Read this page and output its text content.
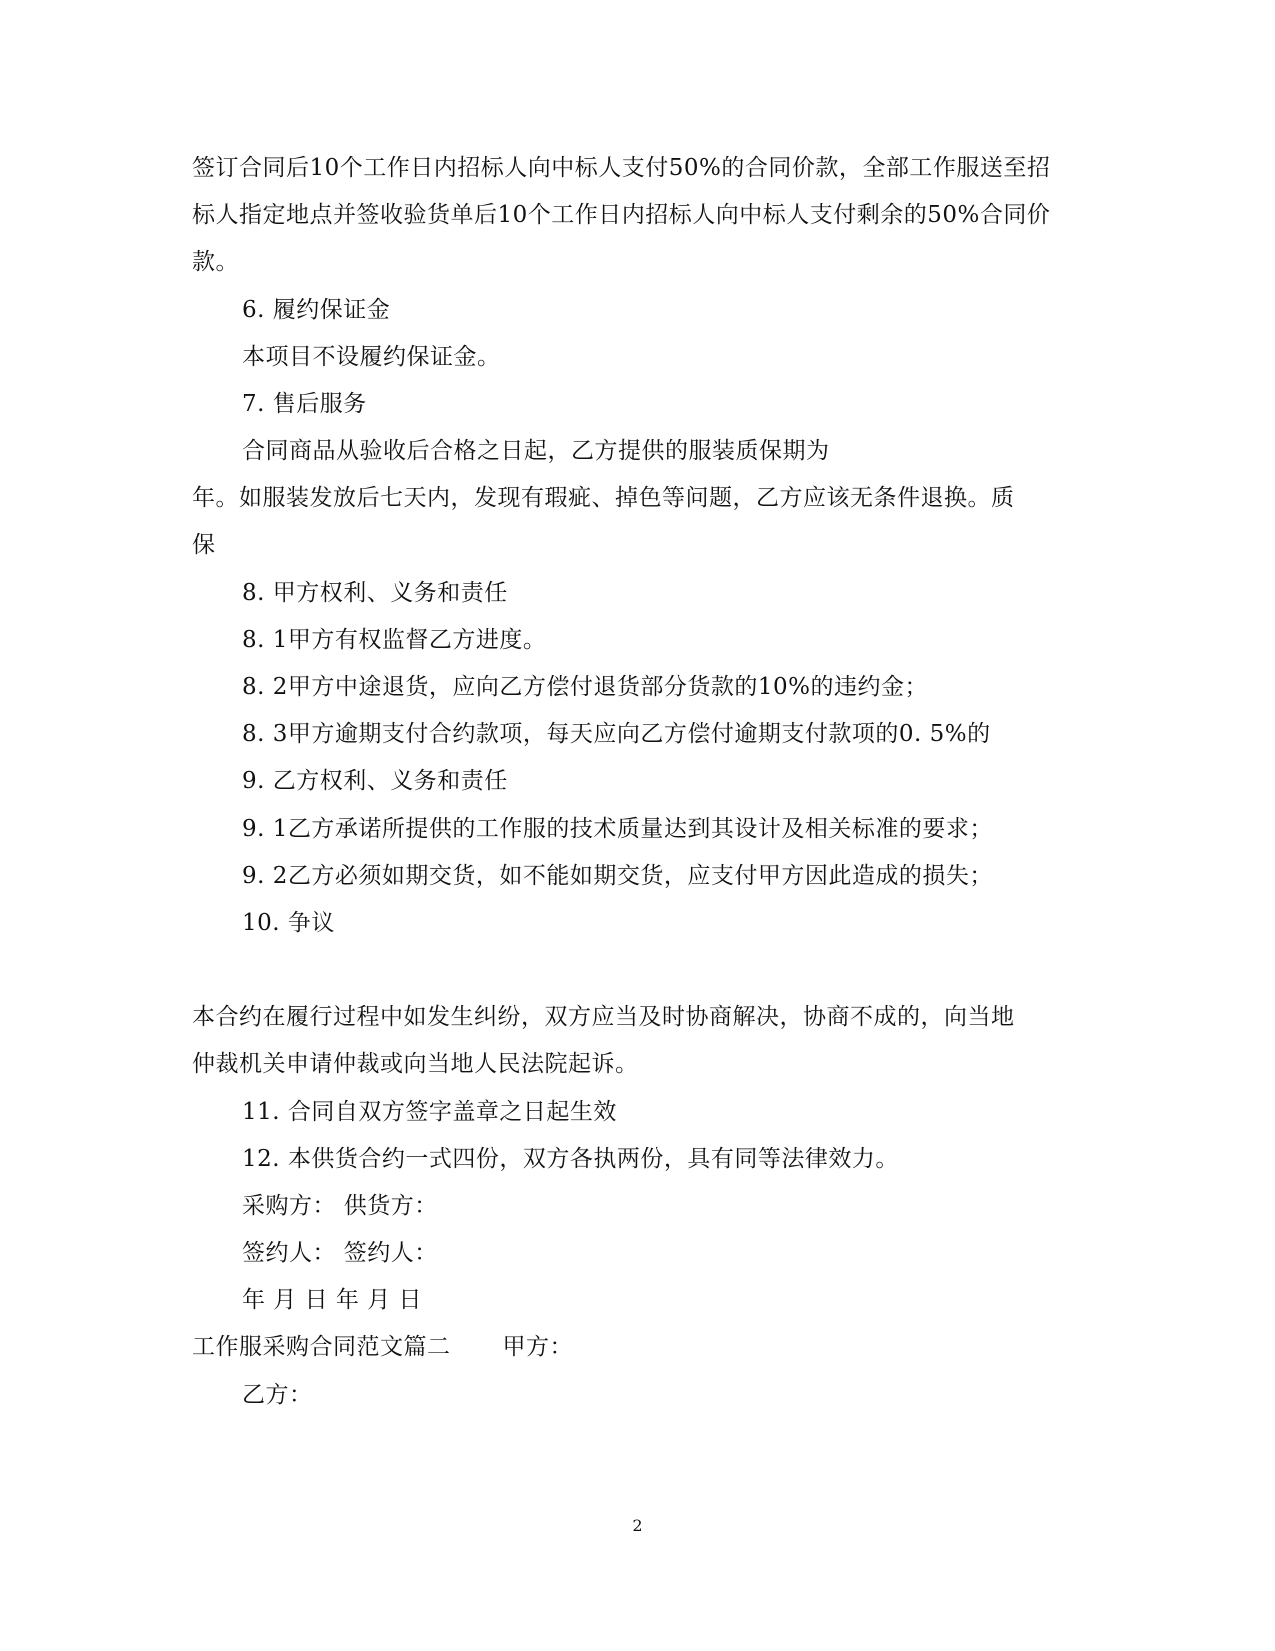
签订合同后10个工作日内招标人向中标人支付50%的合同价款，全部工作服送至招
标人指定地点并签收验货单后10个工作日内招标人向中标人支付剩余的50%合同价
款。
6. 履约保证金
本项目不设履约保证金。
7. 售后服务
合同商品从验收后合格之日起，乙方提供的服装质保期为
年。如服装发放后七天内，发现有瑕疵、掉色等问题，乙方应该无条件退换。质
保
8. 甲方权利、义务和责任
8. 1甲方有权监督乙方进度。
8. 2甲方中途退货，应向乙方偿付退货部分货款的10%的违约金；
8. 3甲方逾期支付合约款项，每天应向乙方偿付逾期支付款项的0. 5%的
9. 乙方权利、义务和责任
9. 1乙方承诺所提供的工作服的技术质量达到其设计及相关标准的要求；
9. 2乙方必须如期交货，如不能如期交货，应支付甲方因此造成的损失；
10. 争议
本合约在履行过程中如发生纠纷，双方应当及时协商解决，协商不成的，向当地
仲裁机关申请仲裁或向当地人民法院起诉。
11. 合同自双方签字盖章之日起生效
12. 本供货合约一式四份，双方各执两份，具有同等法律效力。
采购方： 供货方：
签约人： 签约人：
年 月 日 年 月 日
工作服采购合同范文篇二 甲方：
乙方：
2
